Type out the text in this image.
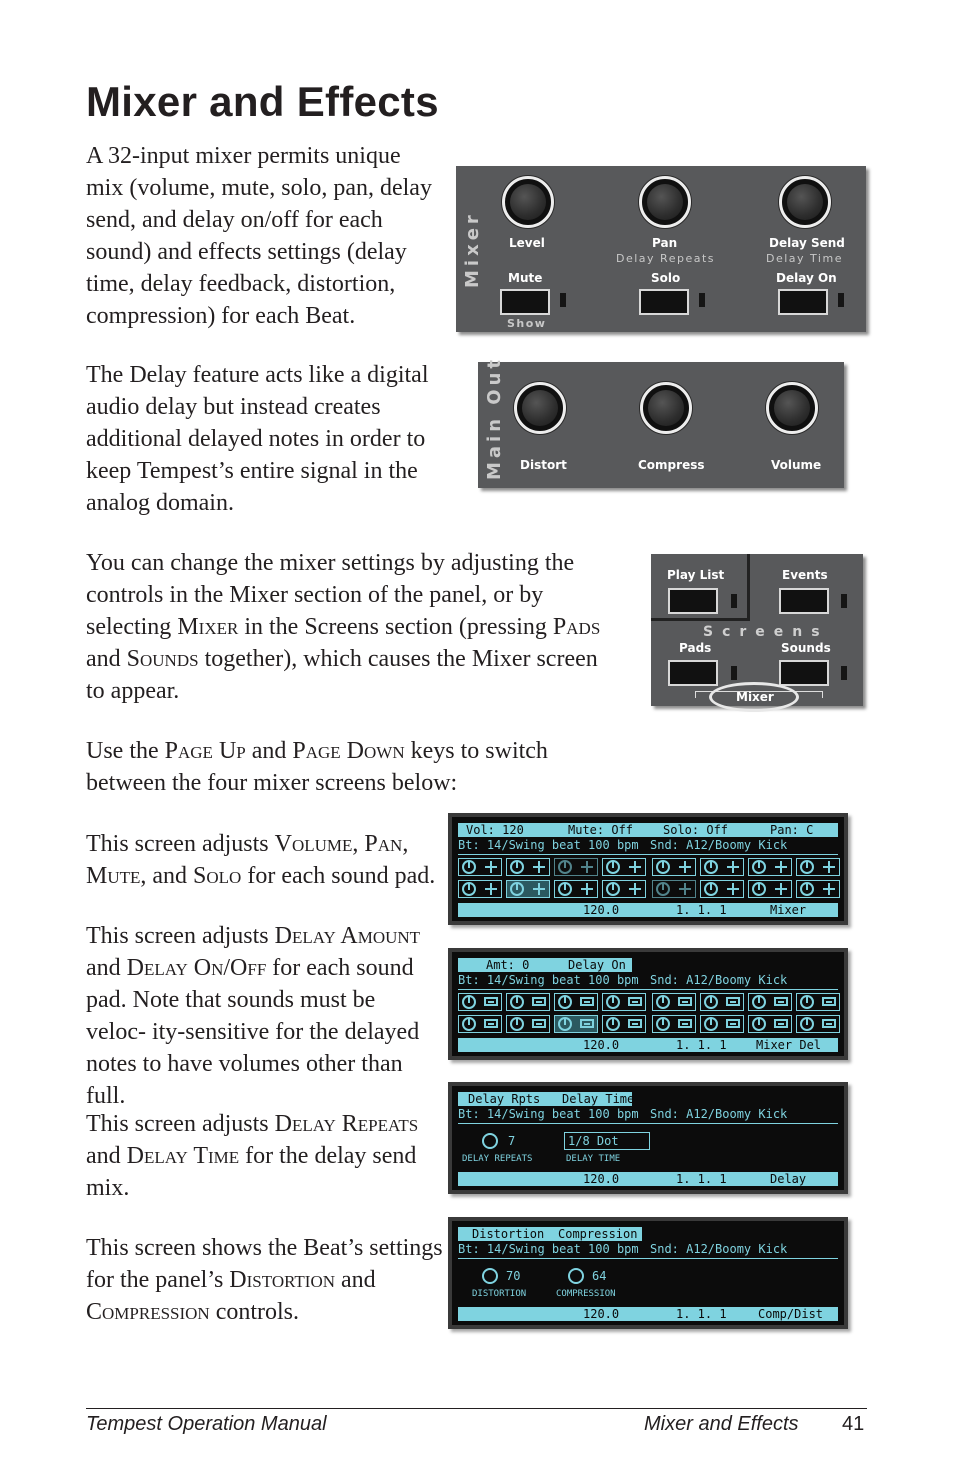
Mixer and Effects

A 32-input mixer permits unique mix (volume, mute, solo, pan, delay send, and delay on/off for each sound) and effects settings (delay time, delay feedback, distortion, compression) for each Beat.

The Delay feature acts like a digital audio delay but instead creates additional delayed notes in order to keep Tempest’s entire signal in the analog domain.

You can change the mixer settings by adjusting the controls in the Mixer section of the panel, or by selecting Mixer in the Screens section (pressing Pads and Sounds together), which causes the Mixer screen to appear.

Use the Page Up and Page Down keys to switch between the four mixer screens below:

This screen adjusts Volume, Pan, Mute, and Solo for each sound pad.

This screen adjusts Delay Amount and Delay On/Off for each sound pad. Note that sounds must be veloc- ity-sensitive for the delayed notes to have volumes other than full.

This screen adjusts Delay Repeats and Delay Time for the delay send mix.

This screen shows the Beat’s settings for the panel’s Distortion and Compression controls.

Mixer Level	Pan
Delay Repeats
Delay Send
Delay Time
Mute	Solo	Delay On
Show
Main Out Distort	Compress	Volume
Play List	Events
Screens
Pads	Sounds
Mixer
Vol: 120	Mute: Off Solo: Off	Pan: C
Bt: 14/Swing beat 100 bpm Snd: A12/Boomy Kick
120.0	1. 1. 1	Mixer
Amt: 0	Delay On
Bt: 14/Swing beat 100 bpm Snd: A12/Boomy Kick
120.0	1. 1. 1 Mixer Del
Delay Rpts Delay Time
Bt: 14/Swing beat 100 bpm Snd: A12/Boomy Kick
7	1/8 Dot
DELAY REPEATS	DELAY TIME
120.0	1. 1. 1	Delay
Distortion Compression
Bt: 14/Swing beat 100 bpm Snd: A12/Boomy Kick
70	64
DISTORTION	COMPRESSION
120.0	1. 1. 1	Comp/Dist
Tempest Operation Manual	Mixer and Effects 41
